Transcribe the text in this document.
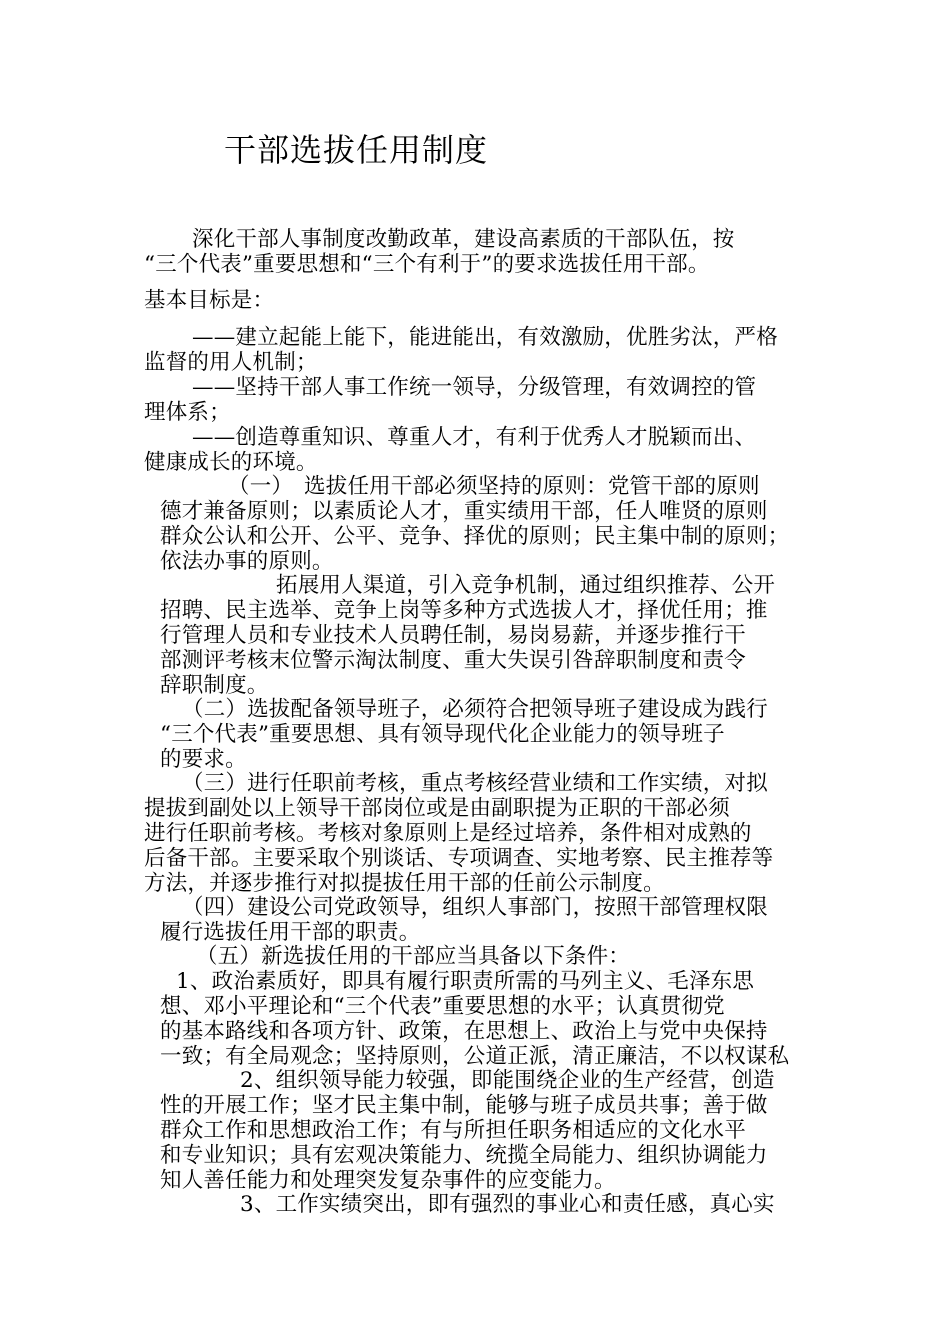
干部选拔任用制度
深化干部人事制度改勤政革，建设高素质的干部队伍，按
“三个代表”重要思想和“三个有利于”的要求选拔任用干部。
基本目标是：
——建立起能上能下，能进能出，有效激励，优胜劣汰，严格
监督的用人机制；
——坚持干部人事工作统一领导，分级管理，有效调控的管
理体系；
——创造尊重知识、尊重人才，有利于优秀人才脱颖而出、
健康成长的环境。
（一）　选拔任用干部必须坚持的原则：党管干部的原则
德才兼备原则；以素质论人才，重实绩用干部，任人唯贤的原则
群众公认和公开、公平、竞争、择优的原则；民主集中制的原则；
依法办事的原则。
拓展用人渠道，引入竞争机制，通过组织推荐、公开
招聘、民主选举、竞争上岗等多种方式选拔人才，择优任用；推
行管理人员和专业技术人员聘任制，易岗易薪，并逐步推行干
部测评考核末位警示淘汰制度、重大失误引咎辞职制度和责令
辞职制度。
（二）选拔配备领导班子，必须符合把领导班子建设成为践行
“三个代表”重要思想、具有领导现代化企业能力的领导班子
的要求。
（三）进行任职前考核，重点考核经营业绩和工作实绩，对拟
提拔到副处以上领导干部岗位或是由副职提为正职的干部必须
进行任职前考核。考核对象原则上是经过培养，条件相对成熟的
后备干部。主要采取个别谈话、专项调查、实地考察、民主推荐等
方法，并逐步推行对拟提拔任用干部的任前公示制度。
（四）建设公司党政领导，组织人事部门，按照干部管理权限
履行选拔任用干部的职责。
（五）新选拔任用的干部应当具备以下条件：
1、政治素质好，即具有履行职责所需的马列主义、毛泽东思
想、邓小平理论和“三个代表”重要思想的水平；认真贯彻党
的基本路线和各项方针、政策，在思想上、政治上与党中央保持
一致；有全局观念；坚持原则，公道正派，清正廉洁，不以权谋私
2、组织领导能力较强，即能围绕企业的生产经营，创造
性的开展工作；坚才民主集中制，能够与班子成员共事；善于做
群众工作和思想政治工作；有与所担任职务相适应的文化水平
和专业知识；具有宏观决策能力、统揽全局能力、组织协调能力
知人善任能力和处理突发复杂事件的应变能力。
3、工作实绩突出，即有强烈的事业心和责任感，真心实
